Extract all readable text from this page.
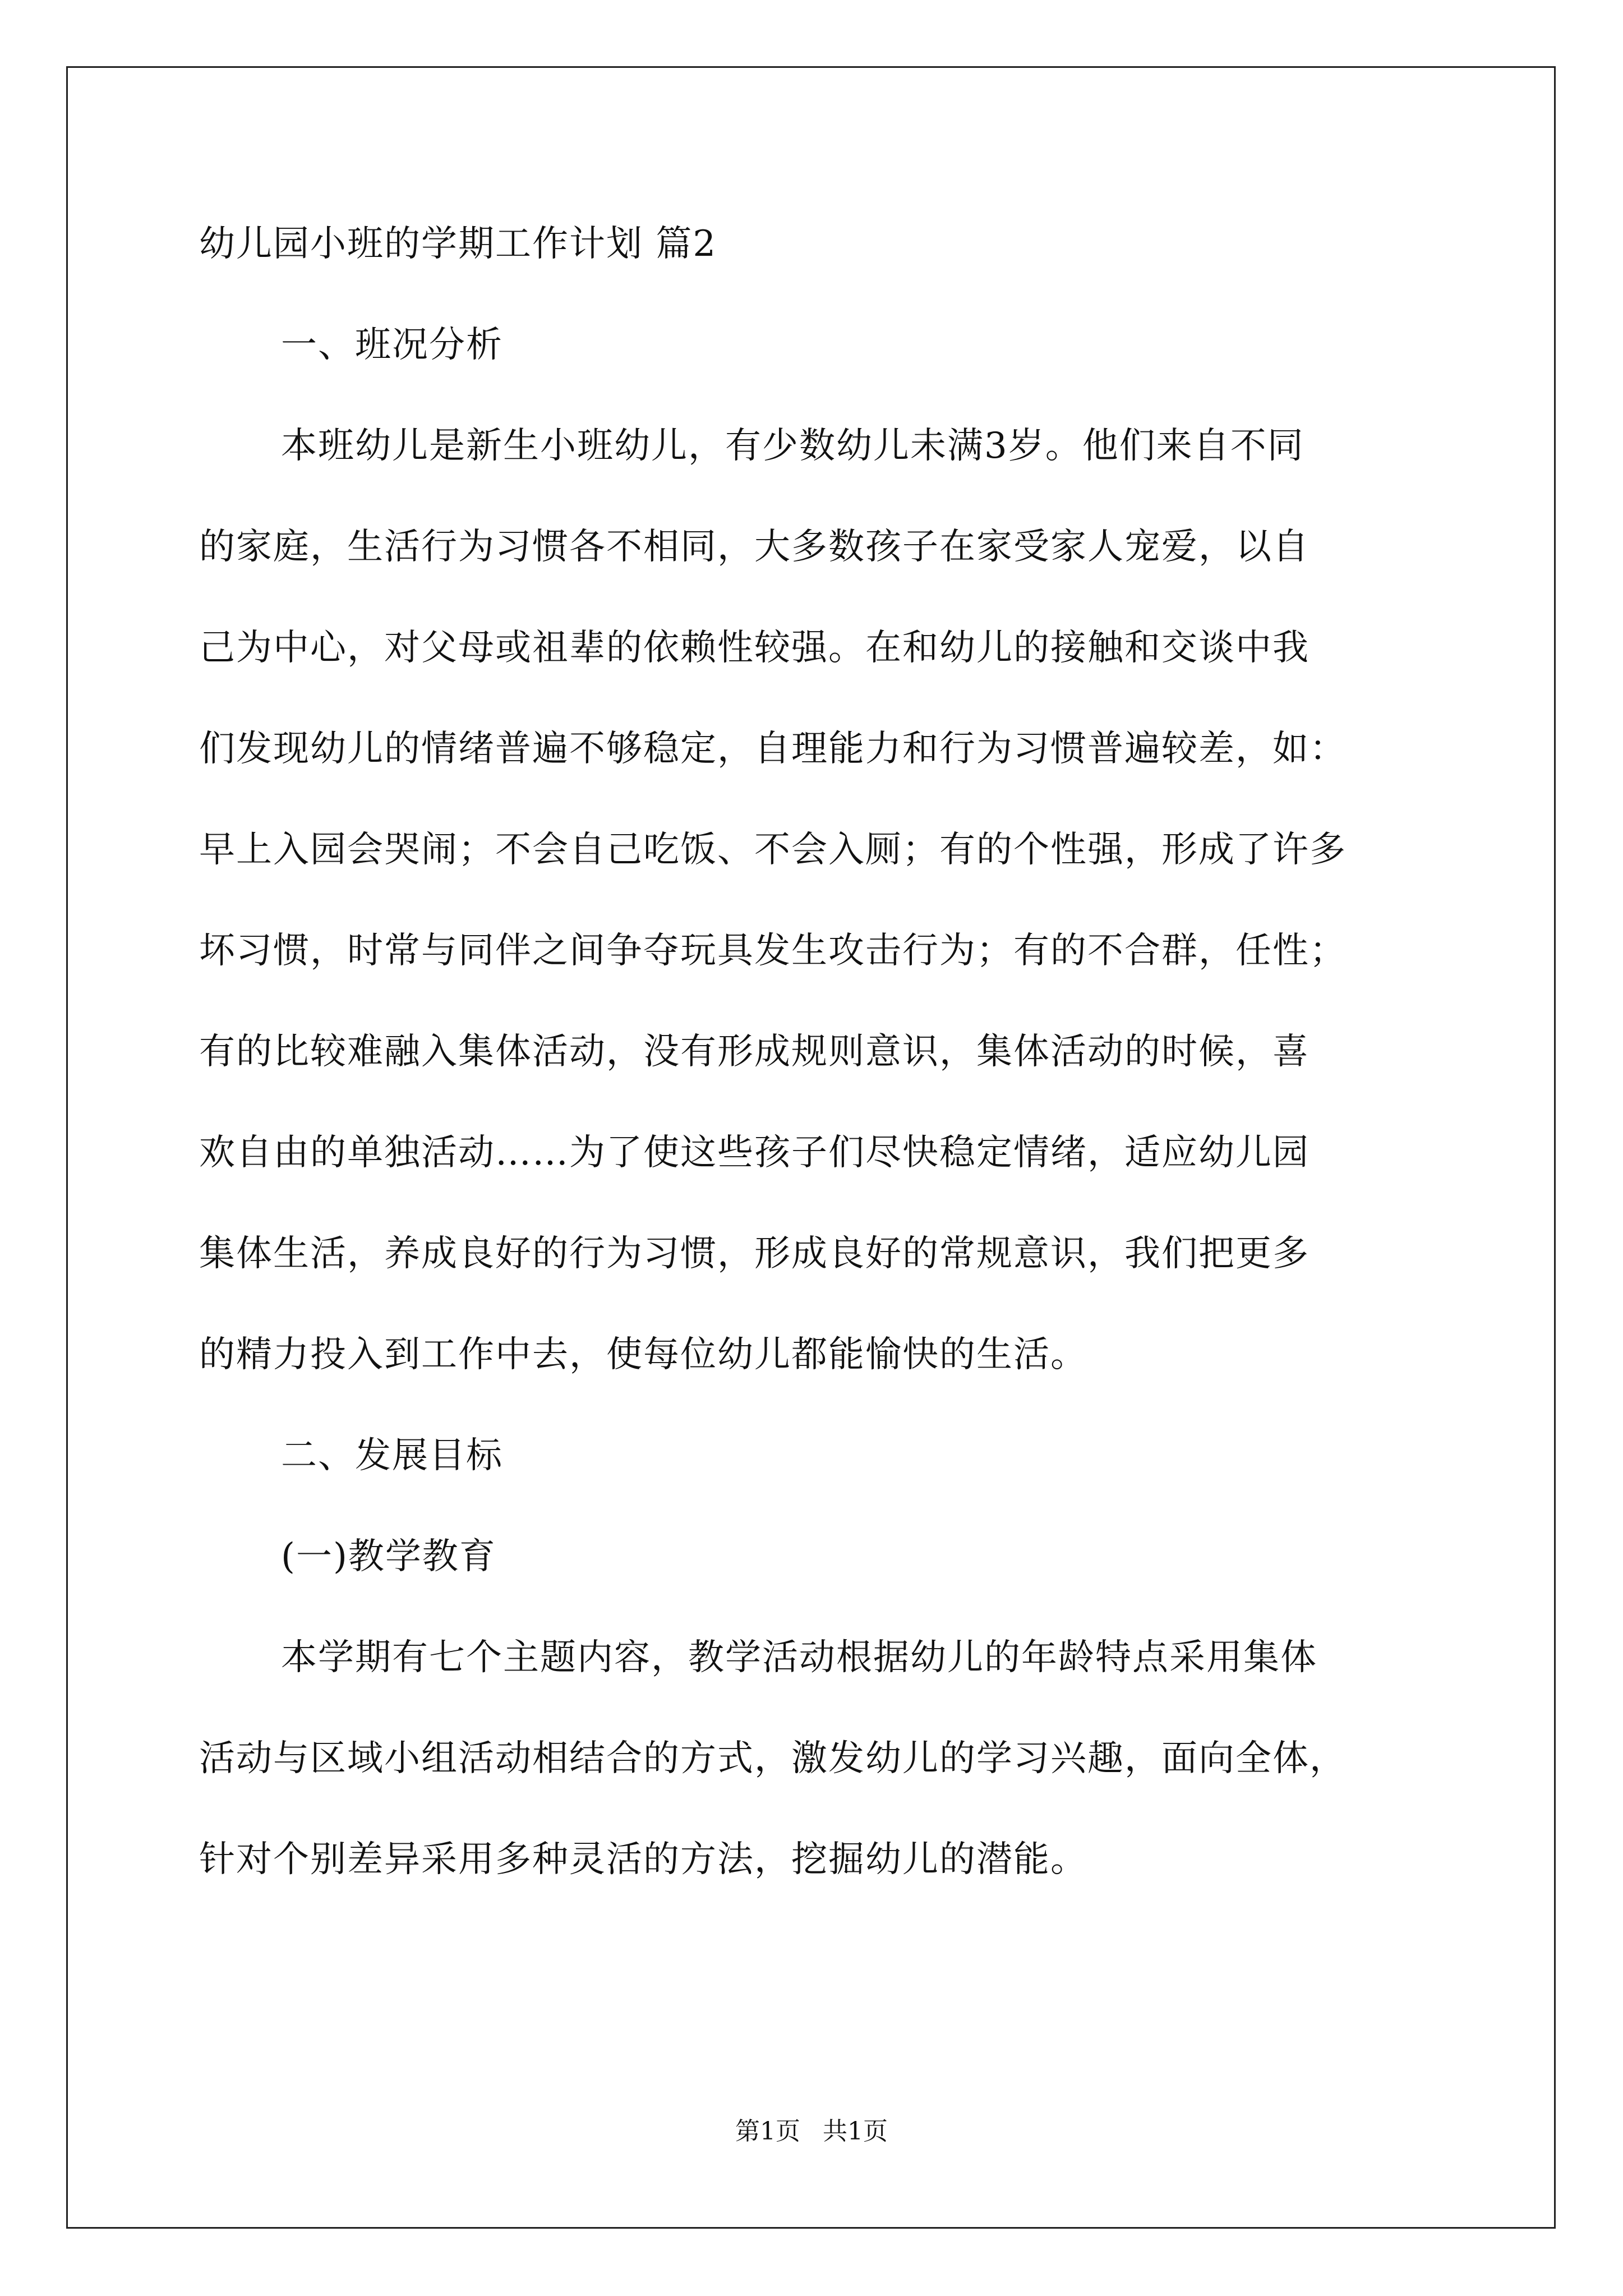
幼儿园小班的学期工作计划 篇2
一、班况分析
本班幼儿是新生小班幼儿，有少数幼儿未满3岁。他们来自不同
的家庭，生活行为习惯各不相同，大多数孩子在家受家人宠爱，以自
己为中心，对父母或祖辈的依赖性较强。在和幼儿的接触和交谈中我
们发现幼儿的情绪普遍不够稳定，自理能力和行为习惯普遍较差，如：
早上入园会哭闹；不会自己吃饭、不会入厕；有的个性强，形成了许多
坏习惯，时常与同伴之间争夺玩具发生攻击行为；有的不合群，任性；
有的比较难融入集体活动，没有形成规则意识，集体活动的时候，喜
欢自由的单独活动……为了使这些孩子们尽快稳定情绪，适应幼儿园
集体生活，养成良好的行为习惯，形成良好的常规意识，我们把更多
的精力投入到工作中去，使每位幼儿都能愉快的生活。
二、发展目标
(一)教学教育
本学期有七个主题内容，教学活动根据幼儿的年龄特点采用集体
活动与区域小组活动相结合的方式，激发幼儿的学习兴趣，面向全体，
针对个别差异采用多种灵活的方法，挖掘幼儿的潜能。
第1页 共1页
